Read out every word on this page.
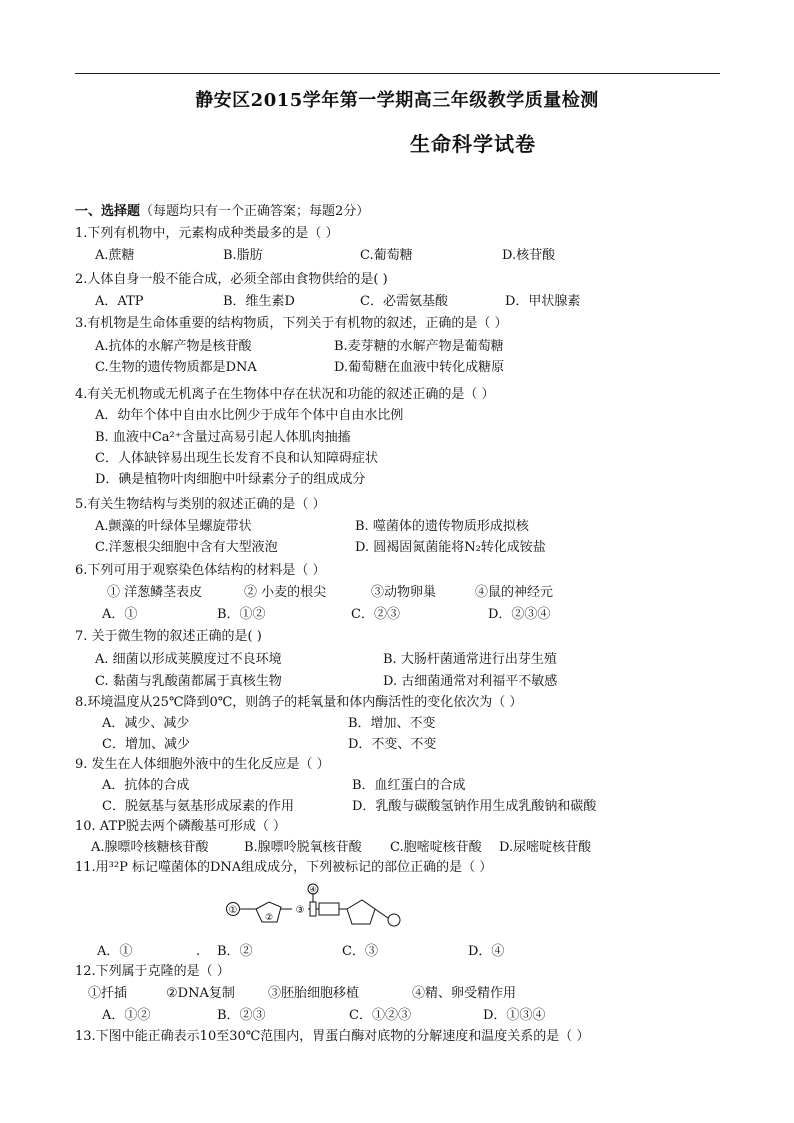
静安区2015学年第一学期高三年级教学质量检测
生命科学试卷
一、选择题（每题均只有一个正确答案；每题2分）
1.下列有机物中，元素构成种类最多的是（ ）
A.蔗糖	B.脂肪	C.葡萄糖	D.核苷酸
2.人体自身一般不能合成，必须全部由食物供给的是( )
A．ATP	B．维生素D	C．必需氨基酸	D．甲状腺素
3.有机物是生命体重要的结构物质，下列关于有机物的叙述，正确的是（ ）
A.抗体的水解产物是核苷酸	B.麦芽糖的水解产物是葡萄糖
C.生物的遗传物质都是DNA	D.葡萄糖在血液中转化成糖原
4.有关无机物或无机离子在生物体中存在状况和功能的叙述正确的是（ ）
A．幼年个体中自由水比例少于成年个体中自由水比例
B. 血液中Ca²⁺含量过高易引起人体肌肉抽搐
C．人体缺锌易出现生长发育不良和认知障碍症状
D．碘是植物叶肉细胞中叶绿素分子的组成成分
5.有关生物结构与类别的叙述正确的是（ ）
A.颤藻的叶绿体呈螺旋带状	B. 噬菌体的遗传物质形成拟核
C.洋葱根尖细胞中含有大型液泡	D. 圆褐固氮菌能将N₂转化成铵盐
6.下列可用于观察染色体结构的材料是（ ）
① 洋葱鳞茎表皮	② 小麦的根尖	③动物卵巢	④鼠的神经元
A．①	B．①②	C．②③	D．②③④
7. 关于微生物的叙述正确的是( )
A. 细菌以形成荚膜度过不良环境	B. 大肠杆菌通常进行出芽生殖
C. 黏菌与乳酸菌都属于真核生物	D. 古细菌通常对利福平不敏感
8.环境温度从25℃降到0℃，则鸽子的耗氧量和体内酶活性的变化依次为（ ）
A．减少、减少	B．增加、不变
C．增加、减少	D．不变、不变
9. 发生在人体细胞外液中的生化反应是（ ）
A．抗体的合成	B．血红蛋白的合成
C．脱氨基与氨基形成尿素的作用	D．乳酸与碳酸氢钠作用生成乳酸钠和碳酸
10. ATP脱去两个磷酸基可形成（ ）
A.腺嘌呤核糖核苷酸	B.腺嘌呤脱氧核苷酸 C.胞嘧啶核苷酸 D.尿嘧啶核苷酸
11.用³²P 标记噬菌体的DNA组成成分，下列被标记的部位正确的是（ ）
①
②
③
④
A．①	. B．②	C．③	D．④
12.下列属于克隆的是（ ）
①扦插	②DNA复制	③胚胎细胞移植	④精、卵受精作用
A．①②	B．②③	C．①②③	D．①③④
13.下图中能正确表示10至30℃范围内，胃蛋白酶对底物的分解速度和温度关系的是（ ）
